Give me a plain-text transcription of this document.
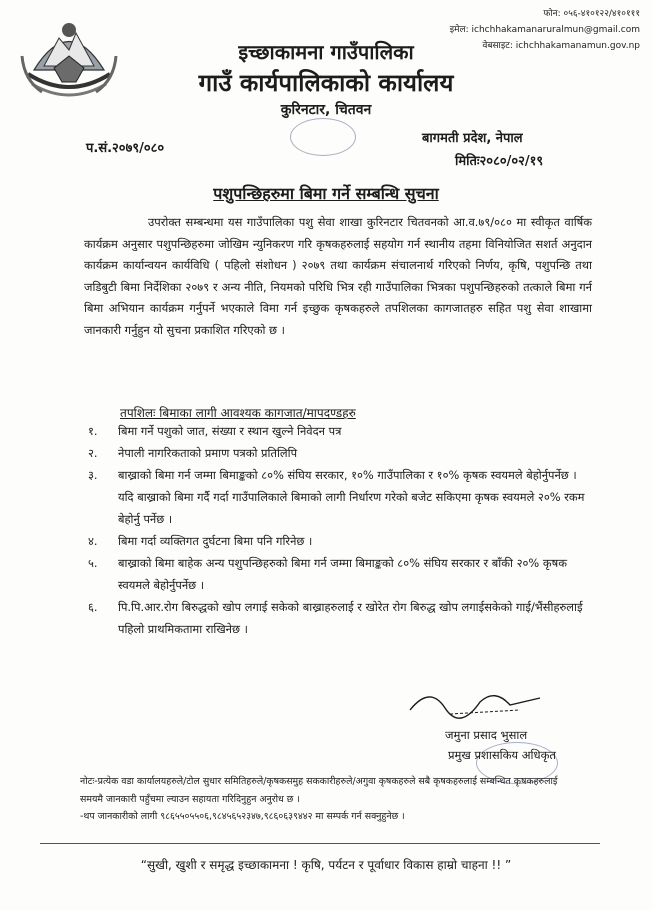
फोन: ०५६-४१०१२२/४१०१११
इमेल: ichchhakamanaruralmun@gmail.com
वेबसाइट: ichchhakamanamun.gov.np
इच्छाकामना गाउँपालिका
गाउँ कार्यपालिकाको कार्यालय
कुरिनटार, चितवन
प.सं.२०७९/०८०
बागमती प्रदेश, नेपाल
मितिः२०८०/०२/१९
पशुपन्छिहरुमा बिमा गर्ने सम्बन्धि सुचना

उपरोक्त सम्बन्धमा यस गाउँपालिका पशु सेवा शाखा कुरिनटार चितवनको आ.व.७९/०८० मा स्वीकृत वार्षिक कार्यक्रम अनुसार पशुपन्छिहरुमा जोखिम न्युनिकरण गरि कृषकहरुलाई सहयोग गर्न स्थानीय तहमा विनियोजित सशर्त अनुदान कार्यक्रम कार्यान्वयन कार्यविधि ( पहिलो संशोधन ) २०७९ तथा कार्यक्रम संचालनार्थ गरिएको निर्णय, कृषि, पशुपन्छि तथा जडिबुटी बिमा निर्देशिका २०७९ र अन्य नीति, नियमको परिधि भित्र रही गाउँपालिका भित्रका पशुपन्छिहरुको तत्काले बिमा गर्न बिमा अभियान कार्यक्रम गर्नुपर्ने भएकाले विमा गर्न इच्छुक कृषकहरुले तपशिलका कागजातहरु सहित पशु सेवा शाखामा जानकारी गर्नुहुन यो सुचना प्रकाशित गरिएको छ ।

तपशिलः बिमाका लागी आवश्यक कागजात/मापदण्डहरु
१.	बिमा गर्ने पशुको जात, संख्या र स्थान खुल्ने निवेदन पत्र
२.	नेपाली नागरिकताको प्रमाण पत्रको प्रतिलिपि
३.	बाख्राको बिमा गर्न जम्मा बिमाङ्कको ८०% संघिय सरकार, १०% गाउँपालिका र १०% कृषक स्वयमले बेहोर्नुपर्नेछ ।यदि बाख्राको बिमा गर्दै गर्दा गाउँपालिकाले बिमाको लागी निर्धारण गरेको बजेट सकिएमा कृषक स्वयमले २०% रकम बेहोर्नु पर्नेछ ।
४.	बिमा गर्दा व्यक्तिगत दुर्घटना बिमा पनि गरिनेछ ।
५.	बाख्राको बिमा बाहेक अन्य पशुपन्छिहरुको बिमा गर्न जम्मा बिमाङ्कको ८०% संघिय सरकार र बाँकी २०% कृषक स्वयमले बेहोर्नुपर्नेछ ।
६.	पि.पि.आर.रोग बिरुद्धको खोप लगाई सकेको बाख्राहरुलाई र खोरेत रोग बिरुद्ध खोप लगाईसकेको गाई/भैंसीहरुलाई पहिलो प्राथमिकतामा राखिनेछ ।
जमुना प्रसाद भुसाल
प्रमुख प्रशासकिय अधिकृत

नोटः-प्रत्येक वडा कार्यालयहरुले/टोल सुधार समितिहरुले/कृषकसमुह सककारीहरुले/अगुवा कृषकहरुले सबै कृषकहरुलाई सम्बन्धित कृषकहरुलाई समयमै जानकारी पहुँचमा ल्याउन सहायता गरिदिनुहुन अनुरोध छ ।

-थप जानकारीको लागी ९८६५५०५५०६,९८४५६५२३४७,९८६०६३९४४२ मा सम्पर्क गर्न सक्नुहुनेछ ।

“सुखी, खुशी र समृद्ध इच्छाकामना ! कृषि, पर्यटन र पूर्वाधार विकास हाम्रो चाहना !! ”
